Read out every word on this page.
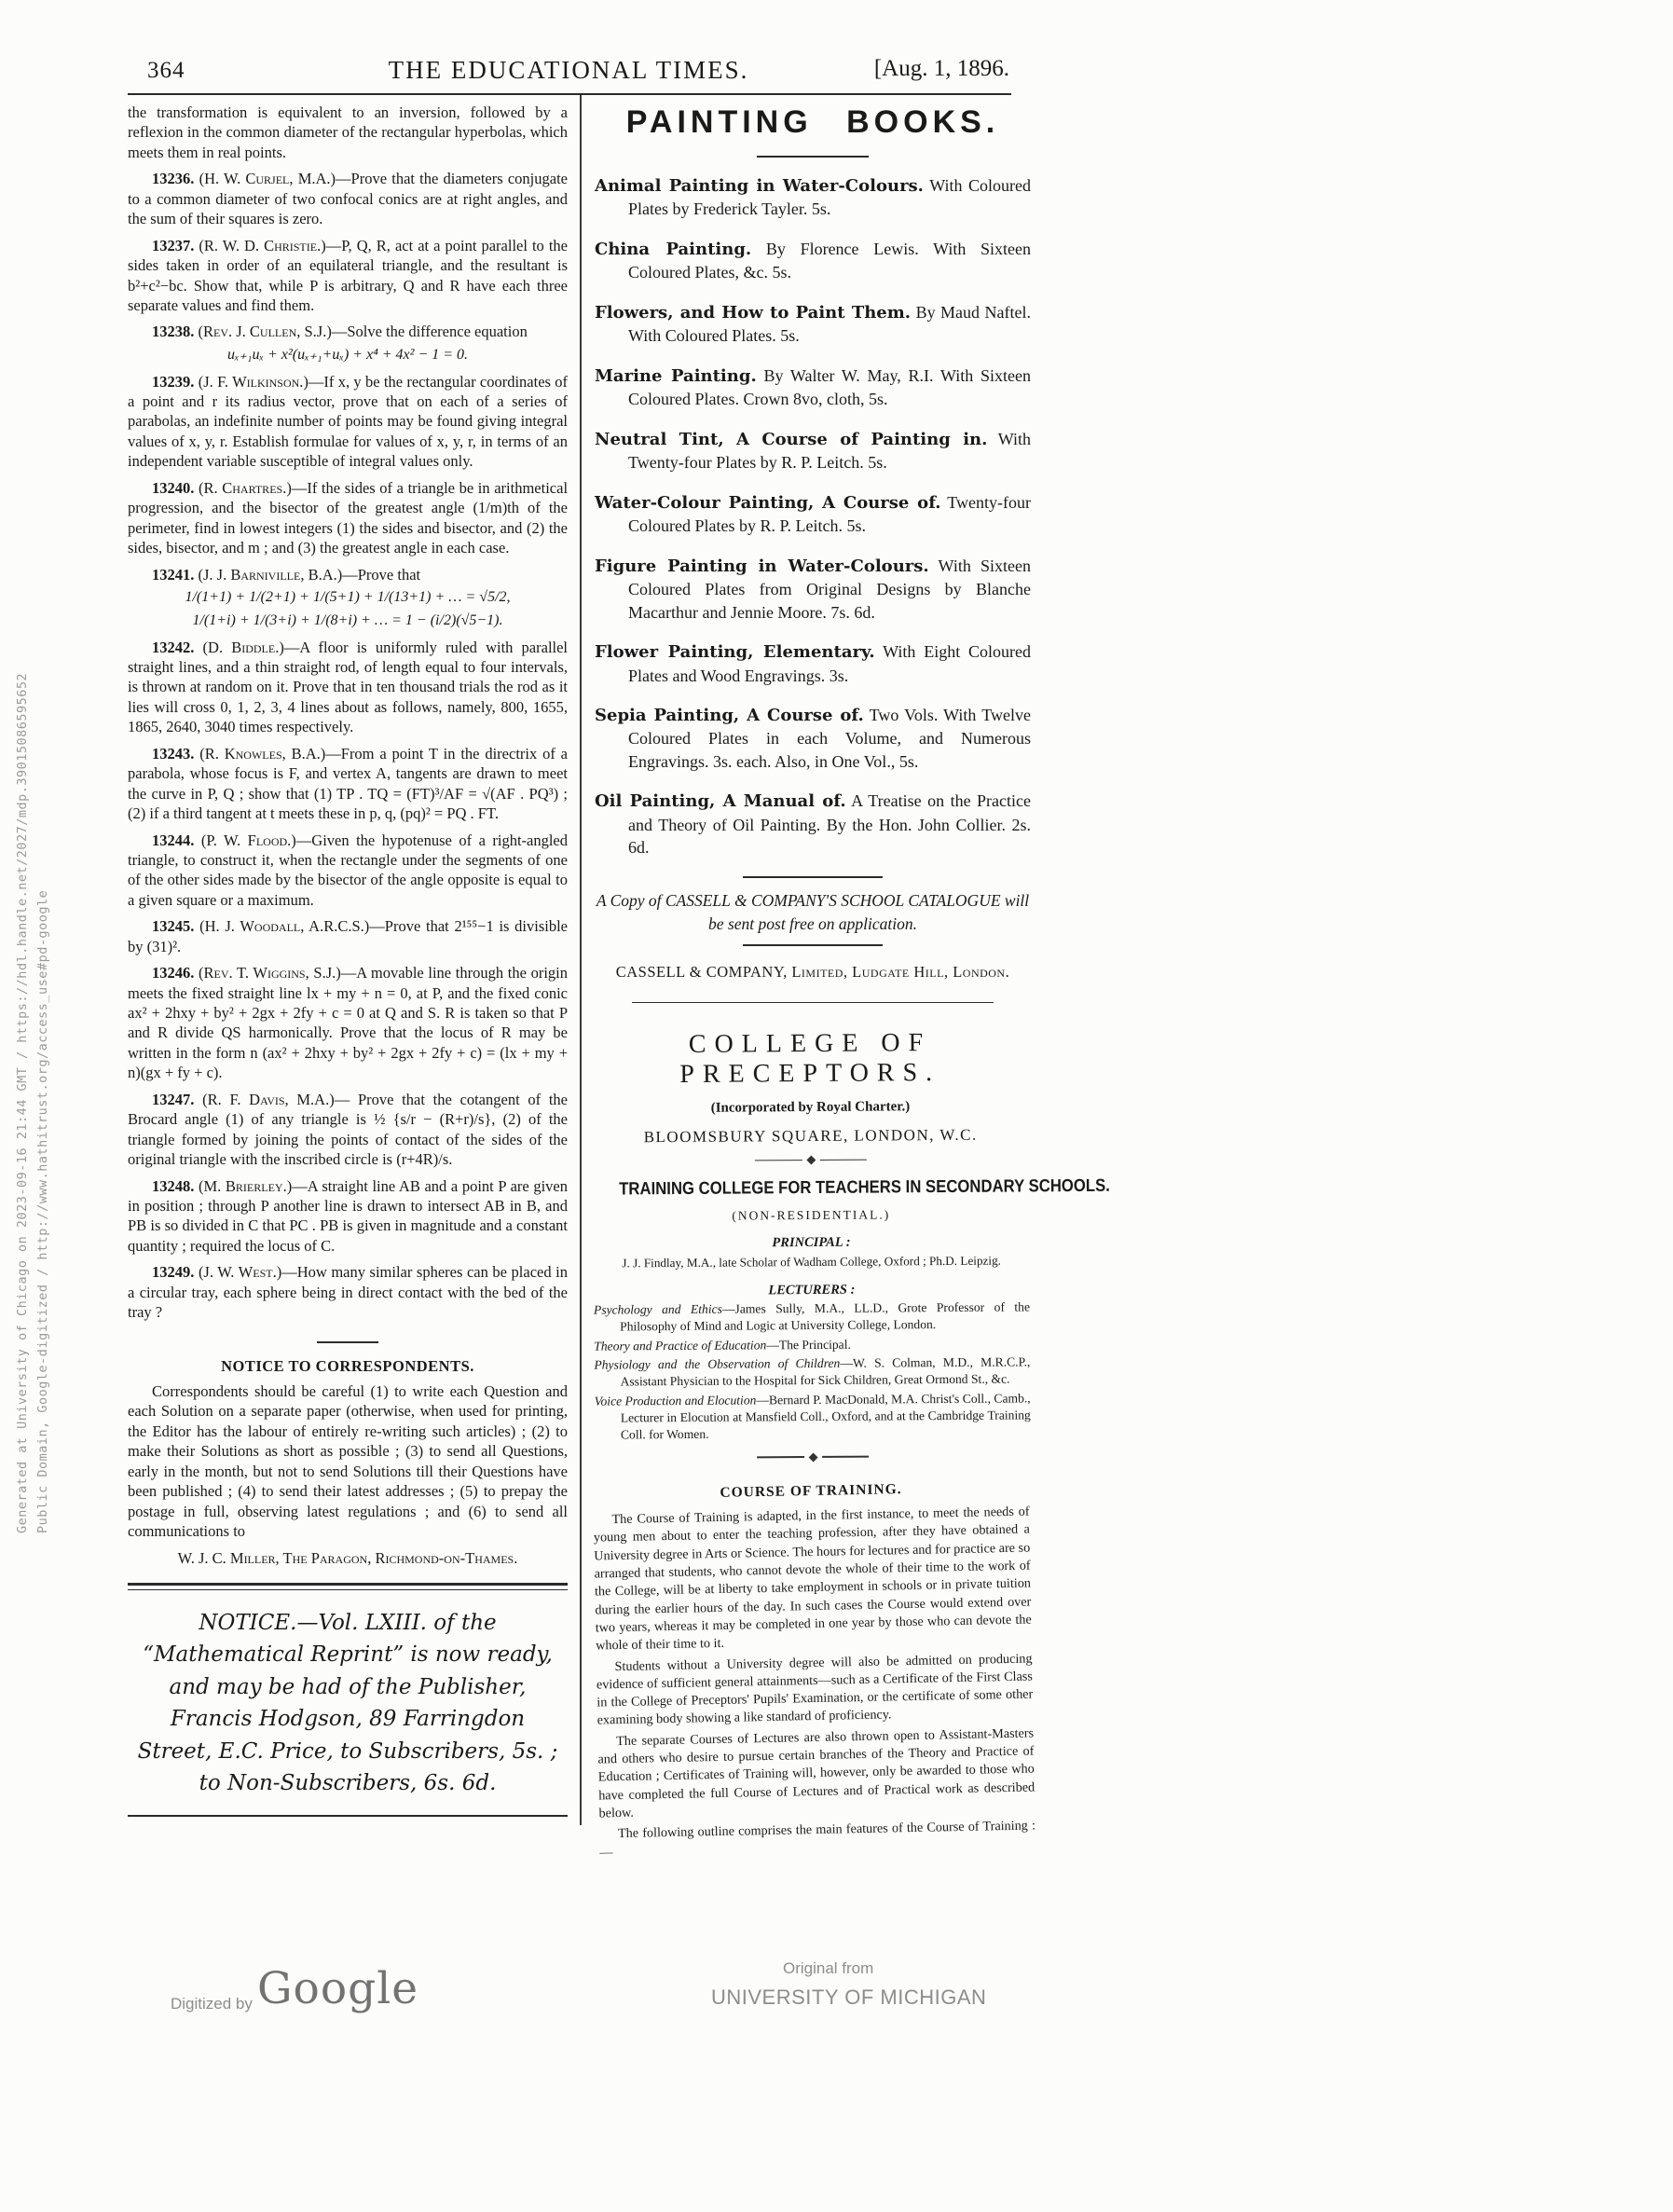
Generated at University of Chicago on 2023-09-16 21:44 GMT / https://hdl.handle.net/2027/mdp.39015086595652 Public Domain, Google-digitized / http://www.hathitrust.org/access_use#pd-google
364	THE EDUCATIONAL TIMES.	[Aug. 1, 1896.

the transformation is equivalent to an inversion, followed by a reflexion in the common diameter of the rectangular hyperbolas, which meets them in real points.

13236. (H. W. Curjel, M.A.)—Prove that the diameters conjugate to a common diameter of two confocal conics are at right angles, and the sum of their squares is zero.

13237. (R. W. D. Christie.)—P, Q, R, act at a point parallel to the sides taken in order of an equilateral triangle, and the resultant is b²+c²−bc. Show that, while P is arbitrary, Q and R have each three separate values and find them.

13238. (Rev. J. Cullen, S.J.)—Solve the difference equation

uₓ₊₁uₓ + x²(uₓ₊₁+uₓ) + x⁴ + 4x² − 1 = 0.

13239. (J. F. Wilkinson.)—If x, y be the rectangular coordinates of a point and r its radius vector, prove that on each of a series of parabolas, an indefinite number of points may be found giving integral values of x, y, r. Establish formulae for values of x, y, r, in terms of an independent variable susceptible of integral values only.

13240. (R. Chartres.)—If the sides of a triangle be in arithmetical progression, and the bisector of the greatest angle (1/m)th of the perimeter, find in lowest integers (1) the sides and bisector, and (2) the sides, bisector, and m ; and (3) the greatest angle in each case.

13241. (J. J. Barniville, B.A.)—Prove that

1/(1+1) + 1/(2+1) + 1/(5+1) + 1/(13+1) + … = √5/2,
1/(1+i) + 1/(3+i) + 1/(8+i) + … = 1 − (i/2)(√5−1).

13242. (D. Biddle.)—A floor is uniformly ruled with parallel straight lines, and a thin straight rod, of length equal to four intervals, is thrown at random on it. Prove that in ten thousand trials the rod as it lies will cross 0, 1, 2, 3, 4 lines about as follows, namely, 800, 1655, 1865, 2640, 3040 times respectively.

13243. (R. Knowles, B.A.)—From a point T in the directrix of a parabola, whose focus is F, and vertex A, tangents are drawn to meet the curve in P, Q ; show that (1) TP . TQ = (FT)³/AF = √(AF . PQ³) ; (2) if a third tangent at t meets these in p, q, (pq)² = PQ . FT.

13244. (P. W. Flood.)—Given the hypotenuse of a right-angled triangle, to construct it, when the rectangle under the segments of one of the other sides made by the bisector of the angle opposite is equal to a given square or a maximum.

13245. (H. J. Woodall, A.R.C.S.)—Prove that 2¹⁵⁵−1 is divisible by (31)².

13246. (Rev. T. Wiggins, S.J.)—A movable line through the origin meets the fixed straight line lx + my + n = 0, at P, and the fixed conic ax² + 2hxy + by² + 2gx + 2fy + c = 0 at Q and S. R is taken so that P and R divide QS harmonically. Prove that the locus of R may be written in the form n (ax² + 2hxy + by² + 2gx + 2fy + c) = (lx + my + n)(gx + fy + c).

13247. (R. F. Davis, M.A.)— Prove that the cotangent of the Brocard angle (1) of any triangle is ½ {s/r − (R+r)/s}, (2) of the triangle formed by joining the points of contact of the sides of the original triangle with the inscribed circle is (r+4R)/s.

13248. (M. Brierley.)—A straight line AB and a point P are given in position ; through P another line is drawn to intersect AB in B, and PB is so divided in C that PC . PB is given in magnitude and a constant quantity ; required the locus of C.

13249. (J. W. West.)—How many similar spheres can be placed in a circular tray, each sphere being in direct contact with the bed of the tray ?

NOTICE TO CORRESPONDENTS.

Correspondents should be careful (1) to write each Question and each Solution on a separate paper (otherwise, when used for printing, the Editor has the labour of entirely re-writing such articles) ; (2) to make their Solutions as short as possible ; (3) to send all Questions, early in the month, but not to send Solutions till their Questions have been published ; (4) to send their latest addresses ; (5) to prepay the postage in full, observing latest regulations ; and (6) to send all communications to

W. J. C. Miller, The Paragon, Richmond-on-Thames.

NOTICE.—Vol. LXIII. of the “Mathematical Reprint” is now ready, and may be had of the Publisher, Francis Hodgson, 89 Farringdon Street, E.C. Price, to Subscribers, 5s. ; to Non-Subscribers, 6s. 6d.

PAINTING BOOKS.

Animal Painting in Water-Colours. With Coloured Plates by Frederick Tayler. 5s.

China Painting. By Florence Lewis. With Sixteen Coloured Plates, &c. 5s.

Flowers, and How to Paint Them. By Maud Naftel. With Coloured Plates. 5s.

Marine Painting. By Walter W. May, R.I. With Sixteen Coloured Plates. Crown 8vo, cloth, 5s.

Neutral Tint, A Course of Painting in. With Twenty-four Plates by R. P. Leitch. 5s.

Water-Colour Painting, A Course of. Twenty-four Coloured Plates by R. P. Leitch. 5s.

Figure Painting in Water-Colours. With Sixteen Coloured Plates from Original Designs by Blanche Macarthur and Jennie Moore. 7s. 6d.

Flower Painting, Elementary. With Eight Coloured Plates and Wood Engravings. 3s.

Sepia Painting, A Course of. Two Vols. With Twelve Coloured Plates in each Volume, and Numerous Engravings. 3s. each. Also, in One Vol., 5s.

Oil Painting, A Manual of. A Treatise on the Practice and Theory of Oil Painting. By the Hon. John Collier. 2s. 6d.

A Copy of CASSELL & COMPANY'S SCHOOL CATALOGUE will be sent post free on application.

CASSELL & COMPANY, Limited, Ludgate Hill, London.
COLLEGE OF PRECEPTORS.
(Incorporated by Royal Charter.)
BLOOMSBURY SQUARE, LONDON, W.C.
TRAINING COLLEGE FOR TEACHERS IN SECONDARY SCHOOLS.
(NON-RESIDENTIAL.)
PRINCIPAL :

J. J. Findlay, M.A., late Scholar of Wadham College, Oxford ; Ph.D. Leipzig.

LECTURERS :

Psychology and Ethics—James Sully, M.A., LL.D., Grote Professor of the Philosophy of Mind and Logic at University College, London.

Theory and Practice of Education—The Principal.

Physiology and the Observation of Children—W. S. Colman, M.D., M.R.C.P., Assistant Physician to the Hospital for Sick Children, Great Ormond St., &c.

Voice Production and Elocution—Bernard P. MacDonald, M.A. Christ's Coll., Camb., Lecturer in Elocution at Mansfield Coll., Oxford, and at the Cambridge Training Coll. for Women.

COURSE OF TRAINING.

The Course of Training is adapted, in the first instance, to meet the needs of young men about to enter the teaching profession, after they have obtained a University degree in Arts or Science. The hours for lectures and for practice are so arranged that students, who cannot devote the whole of their time to the work of the College, will be at liberty to take employment in schools or in private tuition during the earlier hours of the day. In such cases the Course would extend over two years, whereas it may be completed in one year by those who can devote the whole of their time to it.

Students without a University degree will also be admitted on producing evidence of sufficient general attainments—such as a Certificate of the First Class in the College of Preceptors' Pupils' Examination, or the certificate of some other examining body showing a like standard of proficiency.

The separate Courses of Lectures are also thrown open to Assistant-Masters and others who desire to pursue certain branches of the Theory and Practice of Education ; Certificates of Training will, however, only be awarded to those who have completed the full Course of Lectures and of Practical work as described below.

The following outline comprises the main features of the Course of Training :—

Digitized by Google	Original from
UNIVERSITY OF MICHIGAN
